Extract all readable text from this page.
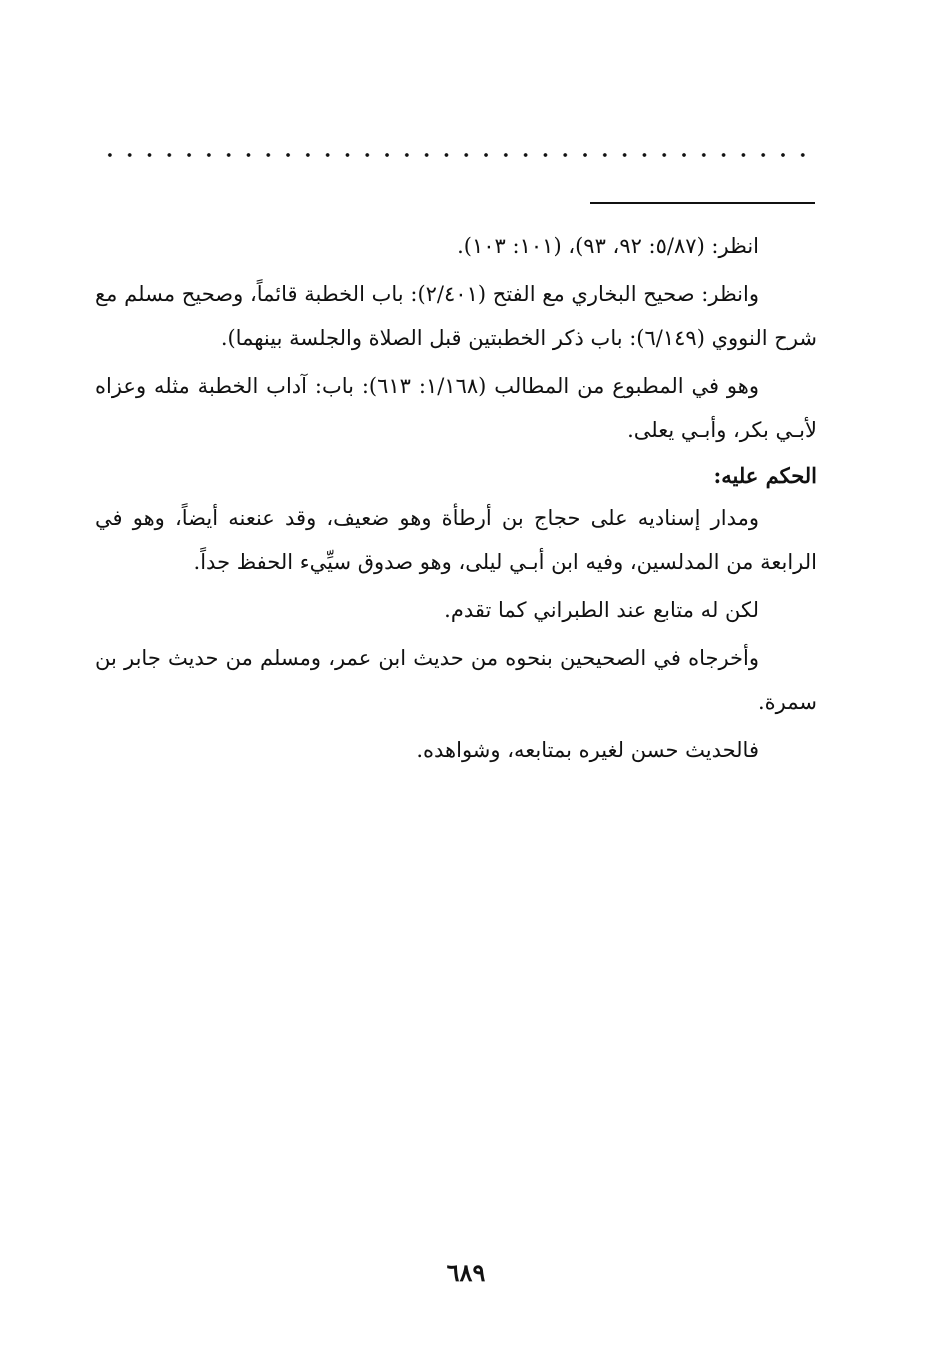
انظر: (٥/٨٧: ٩٢، ٩٣)، (١٠١: ١٠٣).

وانظر: صحيح البخاري مع الفتح (٢/٤٠١): باب الخطبة قائماً، وصحيح مسلم مع شرح النووي (٦/١٤٩): باب ذكر الخطبتين قبل الصلاة والجلسة بينهما).

وهو في المطبوع من المطالب (١/١٦٨: ٦١٣): باب: آداب الخطبة مثله وعزاه لأبـي بكر، وأبـي يعلى.

الحكم عليه:

ومدار إسناديه على حجاج بن أرطأة وهو ضعيف، وقد عنعنه أيضاً، وهو في الرابعة من المدلسين، وفيه ابن أبـي ليلى، وهو صدوق سيِّيء الحفظ جداً.

لكن له متابع عند الطبراني كما تقدم.

وأخرجاه في الصحيحين بنحوه من حديث ابن عمر، ومسلم من حديث جابر بن سمرة.

فالحديث حسن لغيره بمتابعه، وشواهده.

٦٨٩
